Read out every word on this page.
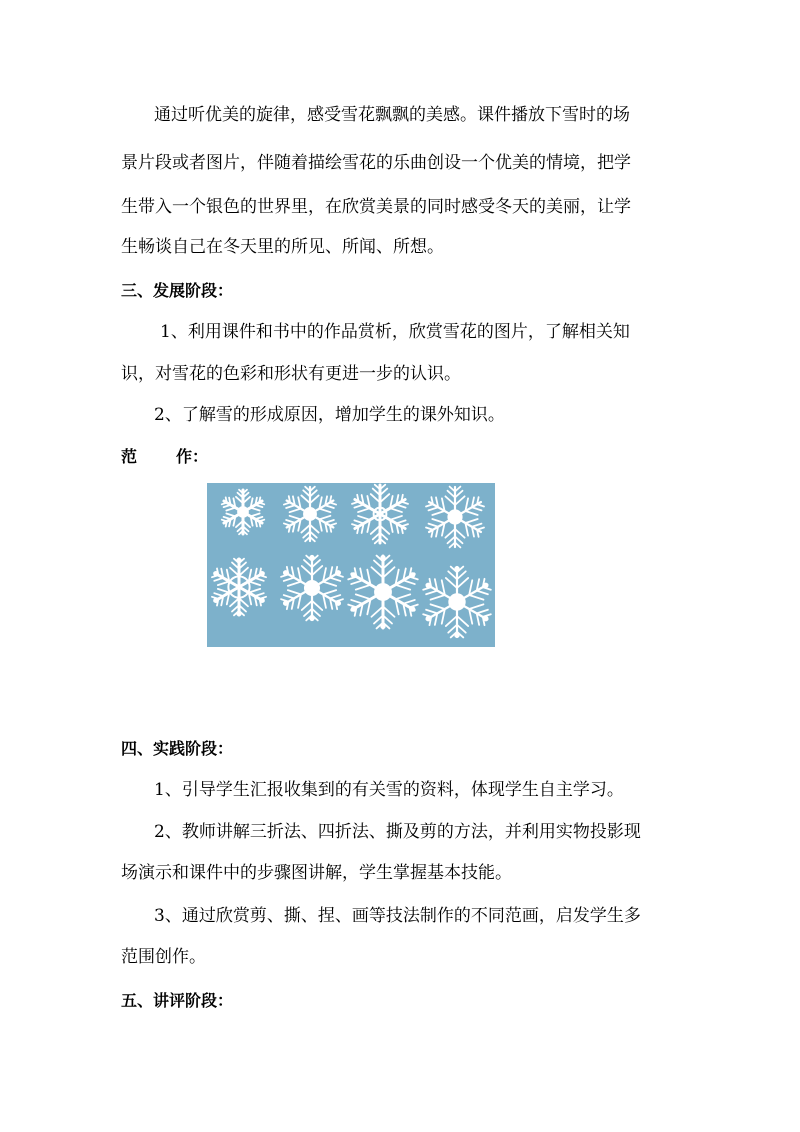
通过听优美的旋律，感受雪花飘飘的美感。课件播放下雪时的场
景片段或者图片，伴随着描绘雪花的乐曲创设一个优美的情境，把学
生带入一个银色的世界里，在欣赏美景的同时感受冬天的美丽，让学
生畅谈自己在冬天里的所见、所闻、所想。
三、发展阶段：
1、利用课件和书中的作品赏析，欣赏雪花的图片，了解相关知
识，对雪花的色彩和形状有更进一步的认识。
2、了解雪的形成原因，增加学生的课外知识。
范 作：
四、实践阶段：
1、引导学生汇报收集到的有关雪的资料，体现学生自主学习。
2、教师讲解三折法、四折法、撕及剪的方法，并利用实物投影现
场演示和课件中的步骤图讲解，学生掌握基本技能。
3、通过欣赏剪、撕、捏、画等技法制作的不同范画，启发学生多
范围创作。
五、讲评阶段：
